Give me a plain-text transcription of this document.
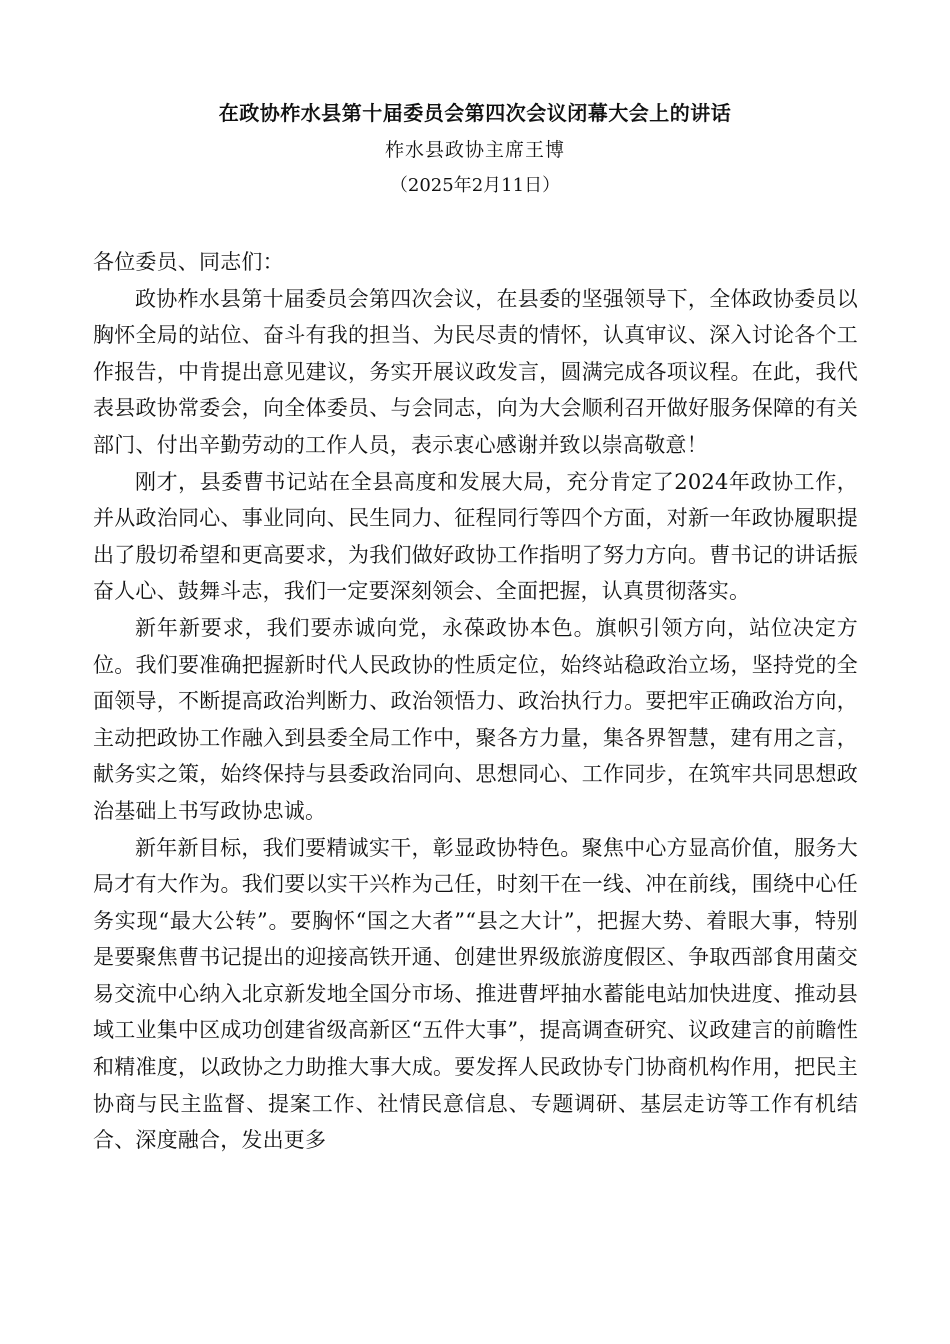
在政协柞水县第十届委员会第四次会议闭幕大会上的讲话
柞水县政协主席王博
（2025年2月11日）

各位委员、同志们：

政协柞水县第十届委员会第四次会议，在县委的坚强领导下，全体政协委员以胸怀全局的站位、奋斗有我的担当、为民尽责的情怀，认真审议、深入讨论各个工作报告，中肯提出意见建议，务实开展议政发言，圆满完成各项议程。在此，我代表县政协常委会，向全体委员、与会同志，向为大会顺利召开做好服务保障的有关部门、付出辛勤劳动的工作人员，表示衷心感谢并致以崇高敬意！

刚才，县委曹书记站在全县高度和发展大局，充分肯定了2024年政协工作，并从政治同心、事业同向、民生同力、征程同行等四个方面，对新一年政协履职提出了殷切希望和更高要求，为我们做好政协工作指明了努力方向。曹书记的讲话振奋人心、鼓舞斗志，我们一定要深刻领会、全面把握，认真贯彻落实。

新年新要求，我们要赤诚向党，永葆政协本色。旗帜引领方向，站位决定方位。我们要准确把握新时代人民政协的性质定位，始终站稳政治立场，坚持党的全面领导，不断提高政治判断力、政治领悟力、政治执行力。要把牢正确政治方向，主动把政协工作融入到县委全局工作中，聚各方力量，集各界智慧，建有用之言，献务实之策，始终保持与县委政治同向、思想同心、工作同步，在筑牢共同思想政治基础上书写政协忠诚。

新年新目标，我们要精诚实干，彰显政协特色。聚焦中心方显高价值，服务大局才有大作为。我们要以实干兴柞为己任，时刻干在一线、冲在前线，围绕中心任务实现“最大公转”。要胸怀“国之大者”“县之大计”，把握大势、着眼大事，特别是要聚焦曹书记提出的迎接高铁开通、创建世界级旅游度假区、争取西部食用菌交易交流中心纳入北京新发地全国分市场、推进曹坪抽水蓄能电站加快进度、推动县域工业集中区成功创建省级高新区“五件大事”，提高调查研究、议政建言的前瞻性和精准度，以政协之力助推大事大成。要发挥人民政协专门协商机构作用，把民主协商与民主监督、提案工作、社情民意信息、专题调研、基层走访等工作有机结合、深度融合，发出更多
